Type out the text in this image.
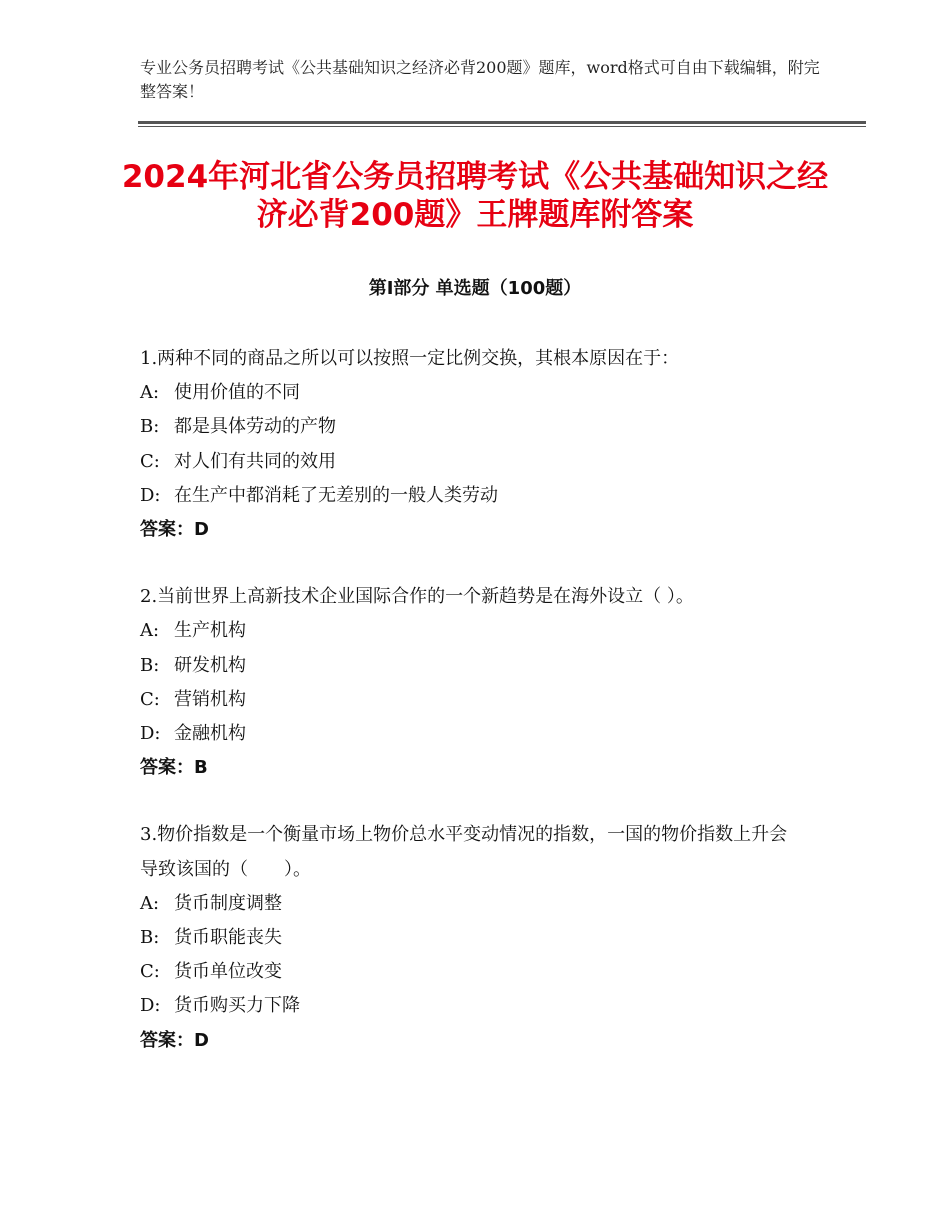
专业公务员招聘考试《公共基础知识之经济必背200题》题库，word格式可自由下载编辑，附完整答案！
2024年河北省公务员招聘考试《公共基础知识之经济必背200题》王牌题库附答案
第I部分 单选题（100题）
1.两种不同的商品之所以可以按照一定比例交换，其根本原因在于：
A: 使用价值的不同
B: 都是具体劳动的产物
C: 对人们有共同的效用
D: 在生产中都消耗了无差别的一般人类劳动
答案：D
2.当前世界上高新技术企业国际合作的一个新趋势是在海外设立（ ）。
A: 生产机构
B: 研发机构
C: 营销机构
D: 金融机构
答案：B
3.物价指数是一个衡量市场上物价总水平变动情况的指数，一国的物价指数上升会导致该国的（　　）。
A: 货币制度调整
B: 货币职能丧失
C: 货币单位改变
D: 货币购买力下降
答案：D
